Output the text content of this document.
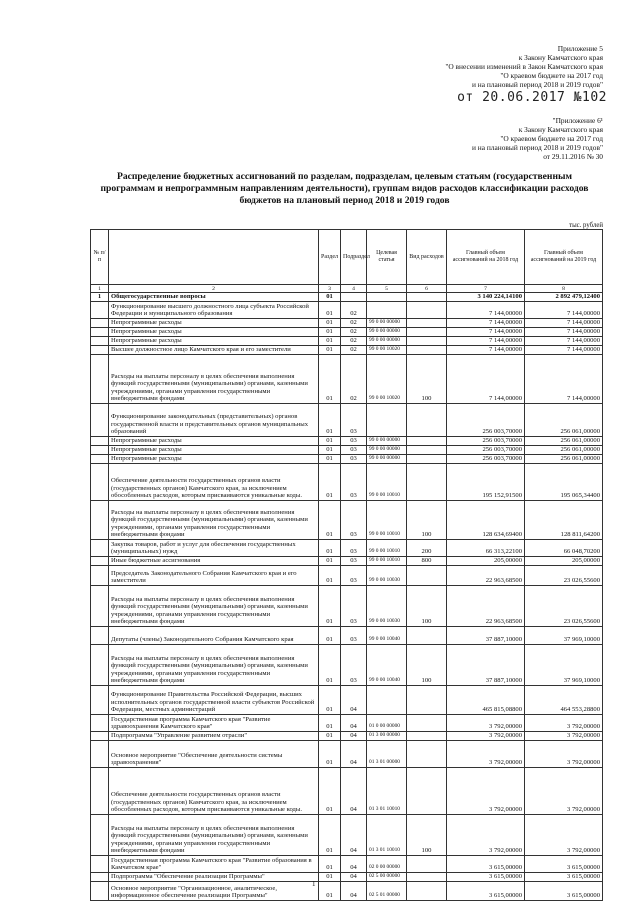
Приложение 5
к Закону Камчатского края
"О внесении изменений в Закон Камчатского края
"О краевом бюджете на 2017 год
и на плановый период 2018 и 2019 годов"
от 20.06.2017 №102
"Приложение 6¹
к Закону Камчатского края
"О краевом бюджете на 2017 год
и на плановый период 2018 и 2019 годов"
от 29.11.2016 № 30
Распределение бюджетных ассигнований по разделам, подразделам, целевым статьям (государственным программам и непрограммным направлениям деятельности), группам видов расходов классификации расходов бюджетов на плановый период 2018 и 2019 годов
тыс. рублей
№ п/п		Раздел	Подраздел	Целевая статья	Вид расходов	Главный объем ассигнований на 2018 год	Главный объем ассигнований на 2019 год
1	2	3	4	5	6	7	8
1	Общегосударственные вопросы	01				3 140 224,14100	2 892 479,12400
	Функционирование высшего должностного лица субъекта Российской Федерации и муниципального образования	01	02			7 144,00000	7 144,00000
	Непрограммные расходы	01	02	99 0 00 00000		7 144,00000	7 144,00000
	Непрограммные расходы	01	02	99 0 00 00000		7 144,00000	7 144,00000
	Непрограммные расходы	01	02	99 0 00 00000		7 144,00000	7 144,00000
	Высшее должностное лицо Камчатского края и его заместители	01	02	99 0 00 10020		7 144,00000	7 144,00000
	Расходы на выплаты персоналу в целях обеспечения выполнения функций государственными (муниципальными) органами, казенными учреждениями, органами управления государственными внебюджетными фондами	01	02	99 0 00 10020	100	7 144,00000	7 144,00000
	Функционирование законодательных (представительных) органов государственной власти и представительных органов муниципальных образований	01	03			256 003,70000	256 061,00000
	Непрограммные расходы	01	03	99 0 00 00000		256 003,70000	256 061,00000
	Непрограммные расходы	01	03	99 0 00 00000		256 003,70000	256 061,00000
	Непрограммные расходы	01	03	99 0 00 00000		256 003,70000	256 061,00000
	Обеспечение деятельности государственных органов власти (государственных органов) Камчатского края, за исключением обособленных расходов, которым присваиваются уникальные коды.	01	03	99 0 00 10010		195 152,91500	195 065,34400
	Расходы на выплаты персоналу в целях обеспечения выполнения функций государственными (муниципальными) органами, казенными учреждениями, органами управления государственными внебюджетными фондами	01	03	99 0 00 10010	100	128 634,69400	128 811,64200
	Закупка товаров, работ и услуг для обеспечения государственных (муниципальных) нужд	01	03	99 0 00 10010	200	66 313,22100	66 048,70200
	Иные бюджетные ассигнования	01	03	99 0 00 10010	800	205,00000	205,00000
	Председатель Законодательного Собрания Камчатского края и его заместители	01	03	99 0 00 10030		22 963,68500	23 026,55600
	Расходы на выплаты персоналу в целях обеспечения выполнения функций государственными (муниципальными) органами, казенными учреждениями, органами управления государственными внебюджетными фондами	01	03	99 0 00 10030	100	22 963,68500	23 026,55600
	Депутаты (члены) Законодательного Собрания Камчатского края	01	03	99 0 00 10040		37 887,10000	37 969,10000
	Расходы на выплаты персоналу в целях обеспечения выполнения функций государственными (муниципальными) органами, казенными учреждениями, органами управления государственными внебюджетными фондами	01	03	99 0 00 10040	100	37 887,10000	37 969,10000
	Функционирование Правительства Российской Федерации, высших исполнительных органов государственной власти субъектов Российской Федерации, местных администраций	01	04			465 815,08800	464 553,28800
	Государственная программа Камчатского края "Развитие здравоохранения Камчатского края"	01	04	01 0 00 00000		3 792,00000	3 792,00000
	Подпрограмма "Управление развитием отрасли"	01	04	01 3 00 00000		3 792,00000	3 792,00000
	Основное мероприятие "Обеспечение деятельности системы здравоохранения"	01	04	01 3 01 00000		3 792,00000	3 792,00000
	Обеспечение деятельности государственных органов власти (государственных органов) Камчатского края, за исключением обособленных расходов, которым присваиваются уникальные коды.	01	04	01 3 01 10010		3 792,00000	3 792,00000
	Расходы на выплаты персоналу в целях обеспечения выполнения функций государственными (муниципальными) органами, казенными учреждениями, органами управления государственными внебюджетными фондами	01	04	01 3 01 10010	100	3 792,00000	3 792,00000
	Государственная программа Камчатского края "Развитие образования в Камчатском крае"	01	04	02 0 00 00000		3 615,00000	3 615,00000
	Подпрограмма "Обеспечение реализации Программы"	01	04	02 5 00 00000		3 615,00000	3 615,00000
	Основное мероприятие "Организационное, аналитическое, информационное обеспечение реализации Программы"	01	04	02 5 01 00000		3 615,00000	3 615,00000
1
